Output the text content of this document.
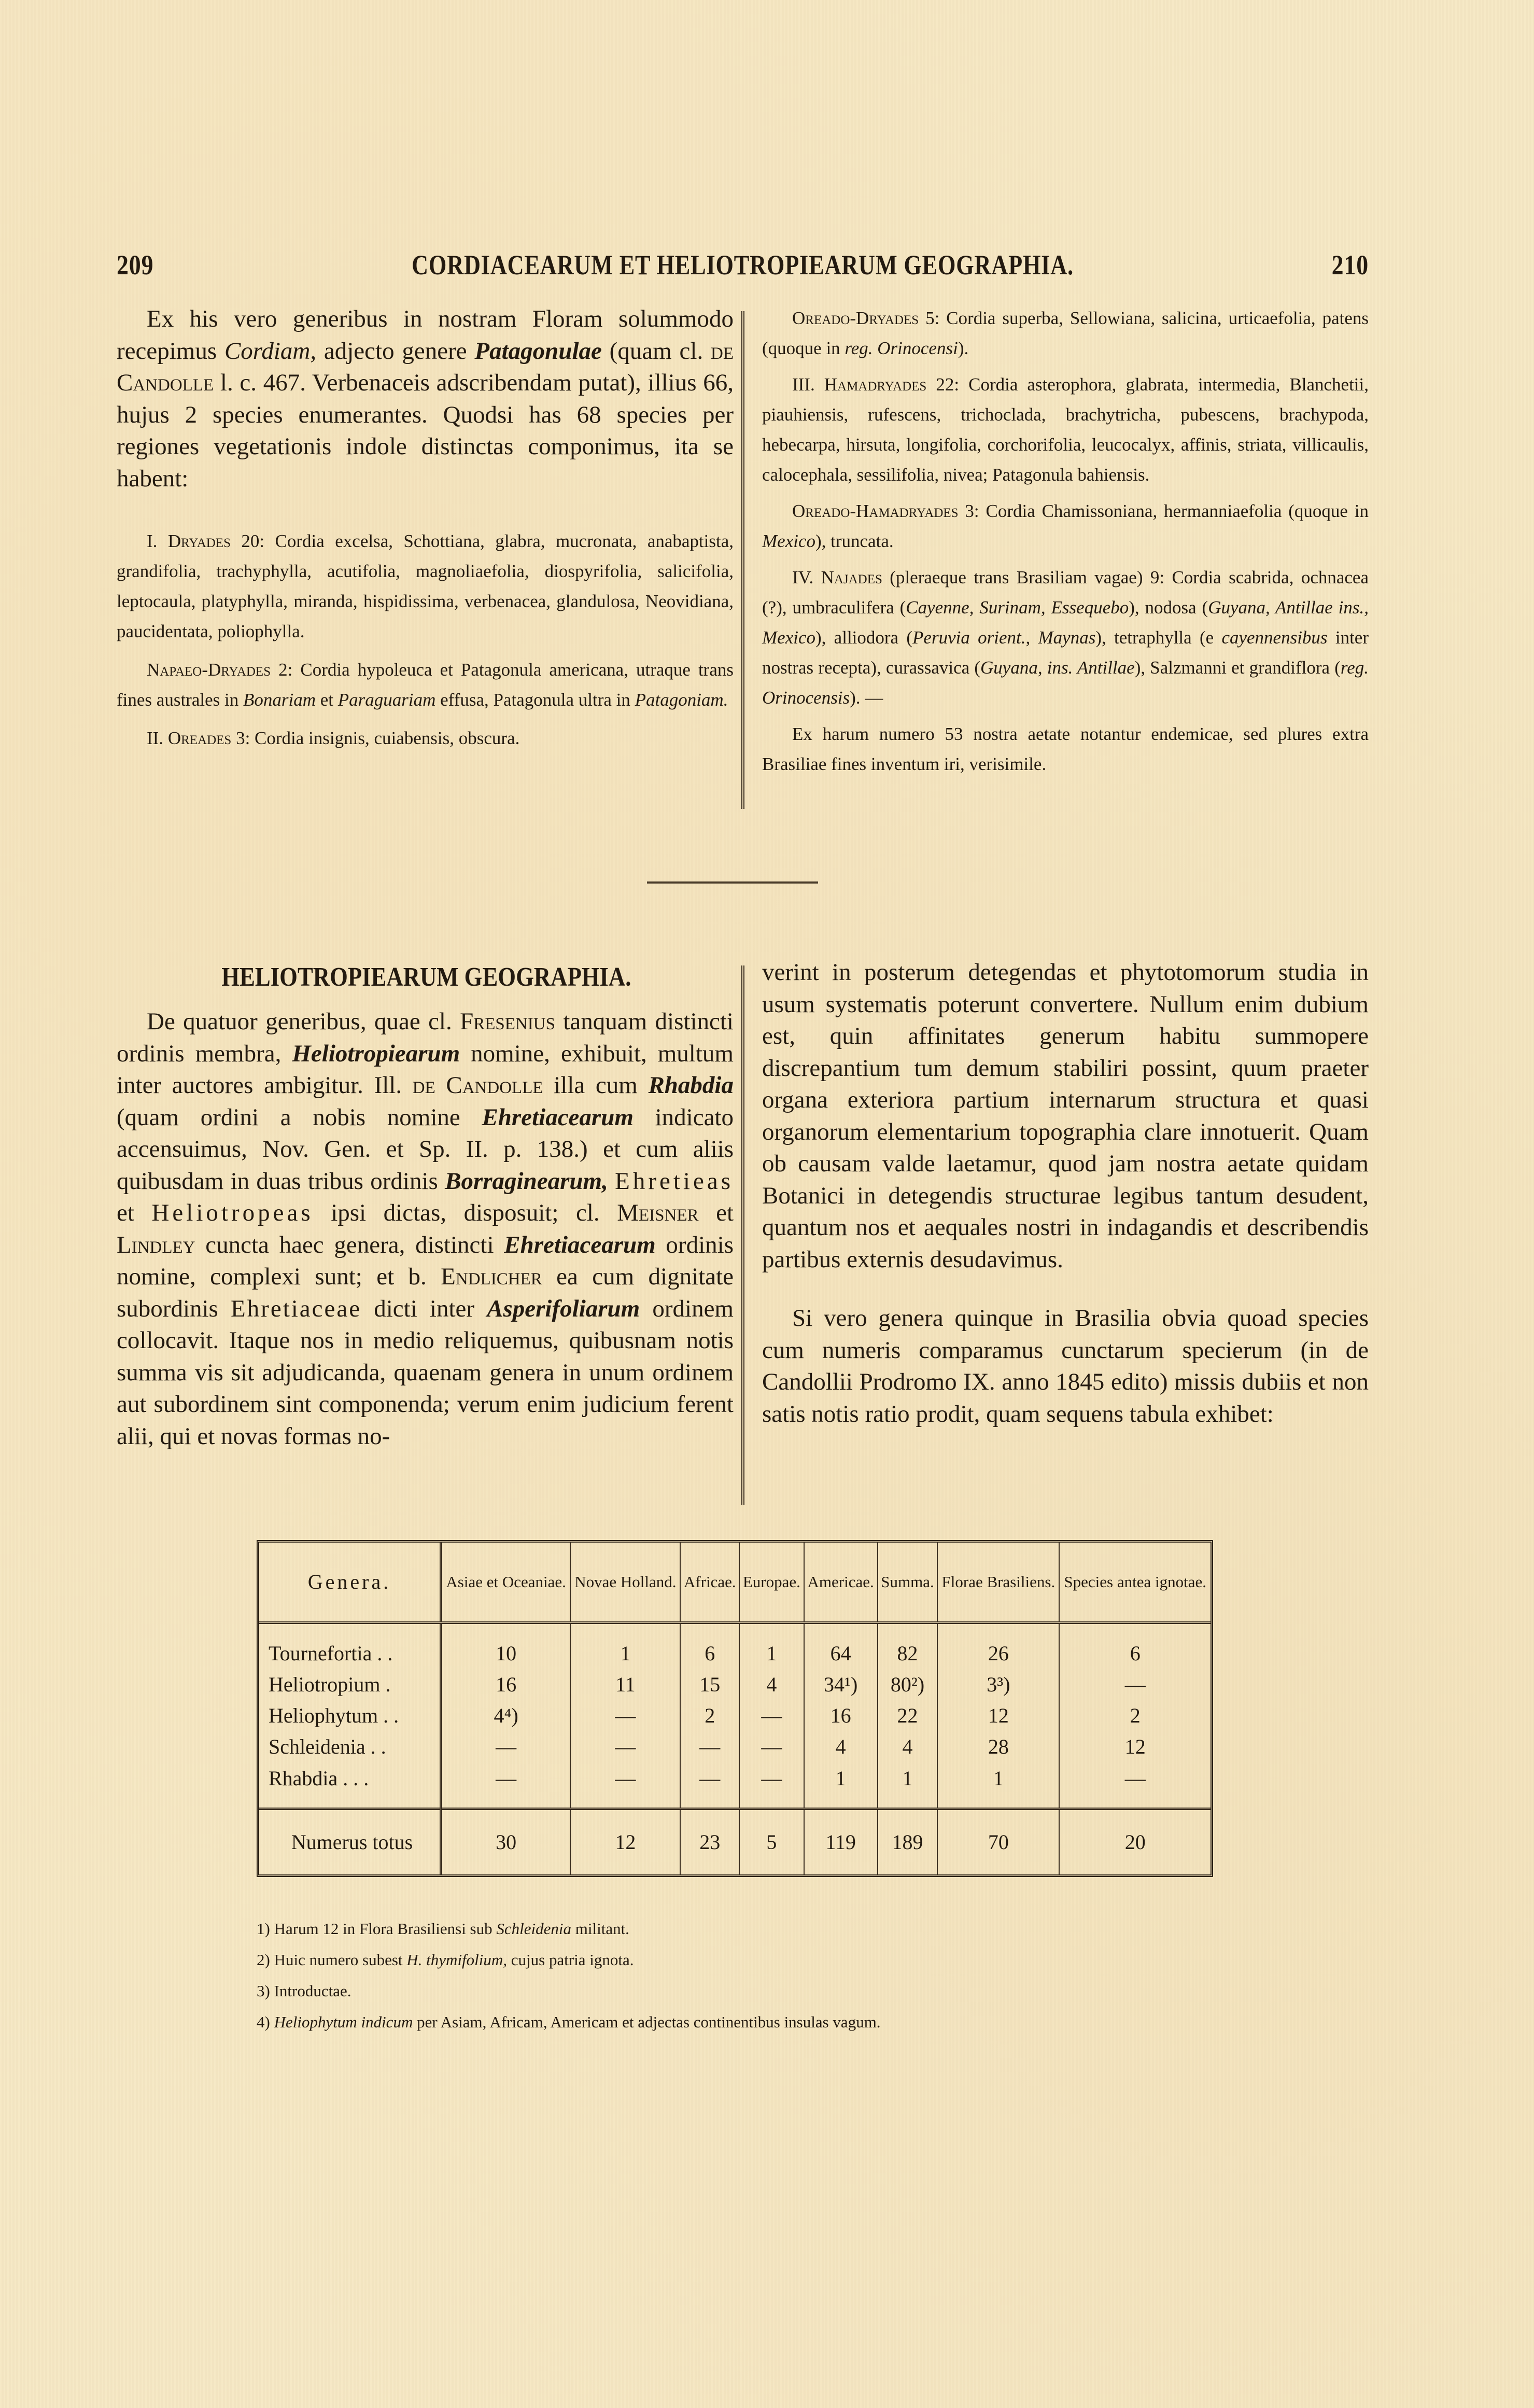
209	CORDIACEARUM ET HELIOTROPIEARUM GEOGRAPHIA.	210

Ex his vero generibus in nostram Floram solummodo recepimus Cordiam, adjecto genere Patagonulae (quam cl. de Candolle l. c. 467. Verbenaceis adscribendam putat), illius 66, hujus 2 species enumerantes. Quodsi has 68 species per regiones vegetationis indole distinctas componimus, ita se habent:

I. Dryades 20: Cordia excelsa, Schottiana, glabra, mucronata, anabaptista, grandifolia, trachyphylla, acutifolia, magnoliaefolia, diospyrifolia, salicifolia, leptocaula, platyphylla, miranda, hispidissima, verbenacea, glandulosa, Neovidiana, paucidentata, poliophylla.

Napaeo-Dryades 2: Cordia hypoleuca et Patagonula americana, utraque trans fines australes in Bonariam et Paraguariam effusa, Patagonula ultra in Patagoniam.

II. Oreades 3: Cordia insignis, cuiabensis, obscura.

Oreado-Dryades 5: Cordia superba, Sellowiana, salicina, urticaefolia, patens (quoque in reg. Orinocensi).

III. Hamadryades 22: Cordia asterophora, glabrata, intermedia, Blanchetii, piauhiensis, rufescens, trichoclada, brachytricha, pubescens, brachypoda, hebecarpa, hirsuta, longifolia, corchorifolia, leucocalyx, affinis, striata, villicaulis, calocephala, sessilifolia, nivea; Patagonula bahiensis.

Oreado-Hamadryades 3: Cordia Chamissoniana, hermanniaefolia (quoque in Mexico), truncata.

IV. Najades (pleraeque trans Brasiliam vagae) 9: Cordia scabrida, ochnacea (?), umbraculifera (Cayenne, Surinam, Essequebo), nodosa (Guyana, Antillae ins., Mexico), alliodora (Peruvia orient., Maynas), tetraphylla (e cayennensibus inter nostras recepta), curassavica (Guyana, ins. Antillae), Salzmanni et grandiflora (reg. Orinocensis). —

Ex harum numero 53 nostra aetate notantur endemicae, sed plures extra Brasiliae fines inventum iri, verisimile.

HELIOTROPIEARUM GEOGRAPHIA.

De quatuor generibus, quae cl. Fresenius tanquam distincti ordinis membra, Heliotropiearum nomine, exhibuit, multum inter auctores ambigitur. Ill. de Candolle illa cum Rhabdia (quam ordini a nobis nomine Ehretiacearum indicato accensuimus, Nov. Gen. et Sp. II. p. 138.) et cum aliis quibusdam in duas tribus ordinis Borraginearum, Ehretieas et Heliotropeas ipsi dictas, disposuit; cl. Meisner et Lindley cuncta haec genera, distincti Ehretiacearum ordinis nomine, complexi sunt; et b. Endlicher ea cum dignitate subordinis Ehretiaceae dicti inter Asperifoliarum ordinem collocavit. Itaque nos in medio reliquemus, quibusnam notis summa vis sit adjudicanda, quaenam genera in unum ordinem aut subordinem sint componenda; verum enim judicium ferent alii, qui et novas formas no-

verint in posterum detegendas et phytotomorum studia in usum systematis poterunt convertere. Nullum enim dubium est, quin affinitates generum habitu summopere discrepantium tum demum stabiliri possint, quum praeter organa exteriora partium internarum structura et quasi organorum elementarium topographia clare innotuerit. Quam ob causam valde laetamur, quod jam nostra aetate quidam Botanici in detegendis structurae legibus tantum desudent, quantum nos et aequales nostri in indagandis et describendis partibus externis desudavimus.

Si vero genera quinque in Brasilia obvia quoad species cum numeris comparamus cunctarum specierum (in de Candollii Prodromo IX. anno 1845 edito) missis dubiis et non satis notis ratio prodit, quam sequens tabula exhibet:

Genera.	Asiae et Oceaniae.	Novae Holland.	Africae.	Europae.	Americae.	Summa.	Florae Brasiliens.	Species antea ignotae.
Tournefortia . .	10	1	6	1	64	82	26	6
Heliotropium .	16	11	15	4	34¹)	80²)	3³)	—
Heliophytum . .	4⁴)	—	2	—	16	22	12	2
Schleidenia . .	—	—	—	—	4	4	28	12
Rhabdia . . .	—	—	—	—	1	1	1	—
Numerus totus	30	12	23	5	119	189	70	20
1) Harum 12 in Flora Brasiliensi sub Schleidenia militant.
2) Huic numero subest H. thymifolium, cujus patria ignota.
3) Introductae.
4) Heliophytum indicum per Asiam, Africam, Americam et adjectas continentibus insulas vagum.
